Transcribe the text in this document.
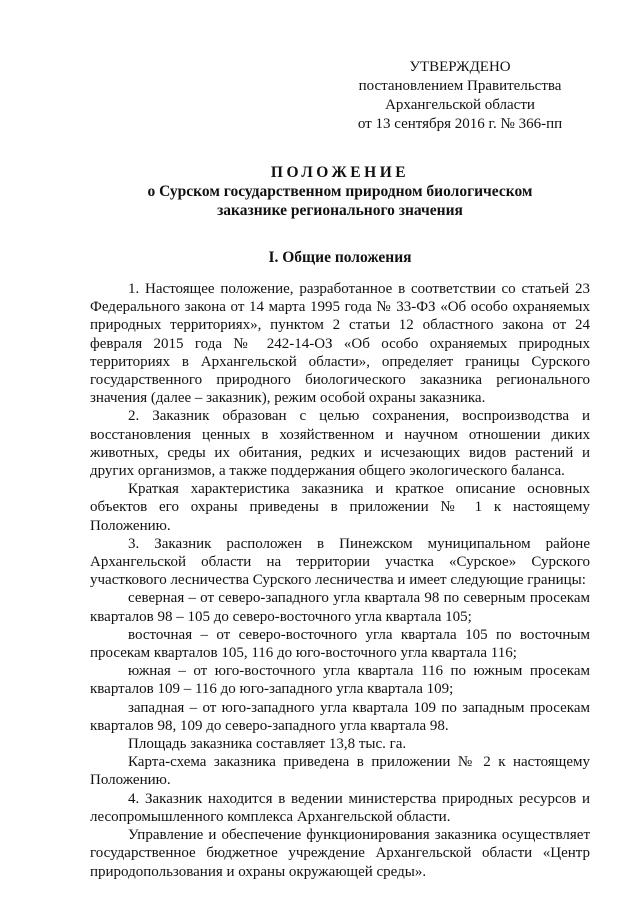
УТВЕРЖДЕНО
постановлением Правительства
Архангельской области
от 13 сентября 2016 г. № 366-пп
ПОЛОЖЕНИЕ
о Сурском государственном природном биологическом
заказнике регионального значения
I. Общие положения

1. Настоящее положение, разработанное в соответствии со статьей 23 Федерального закона от 14 марта 1995 года № 33-ФЗ «Об особо охраняемых природных территориях», пунктом 2 статьи 12 областного закона от 24 февраля 2015 года № 242-14-ОЗ «Об особо охраняемых природных территориях в Архангельской области», определяет границы Сурского государственного природного биологического заказника регионального значения (далее – заказник), режим особой охраны заказника.

2. Заказник образован с целью сохранения, воспроизводства и восстановления ценных в хозяйственном и научном отношении диких животных, среды их обитания, редких и исчезающих видов растений и других организмов, а также поддержания общего экологического баланса.

Краткая характеристика заказника и краткое описание основных объектов его охраны приведены в приложении № 1 к настоящему Положению.

3. Заказник расположен в Пинежском муниципальном районе Архангельской области на территории участка «Сурское» Сурского участкового лесничества Сурского лесничества и имеет следующие границы:

северная – от северо-западного угла квартала 98 по северным просекам кварталов 98 – 105 до северо-восточного угла квартала 105;

восточная – от северо-восточного угла квартала 105 по восточным просекам кварталов 105, 116 до юго-восточного угла квартала 116;

южная – от юго-восточного угла квартала 116 по южным просекам кварталов 109 – 116 до юго-западного угла квартала 109;

западная – от юго-западного угла квартала 109 по западным просекам кварталов 98, 109 до северо-западного угла квартала 98.

Площадь заказника составляет 13,8 тыс. га.

Карта-схема заказника приведена в приложении № 2 к настоящему Положению.

4. Заказник находится в ведении министерства природных ресурсов и лесопромышленного комплекса Архангельской области.

Управление и обеспечение функционирования заказника осуществляет государственное бюджетное учреждение Архангельской области «Центр природопользования и охраны окружающей среды».
